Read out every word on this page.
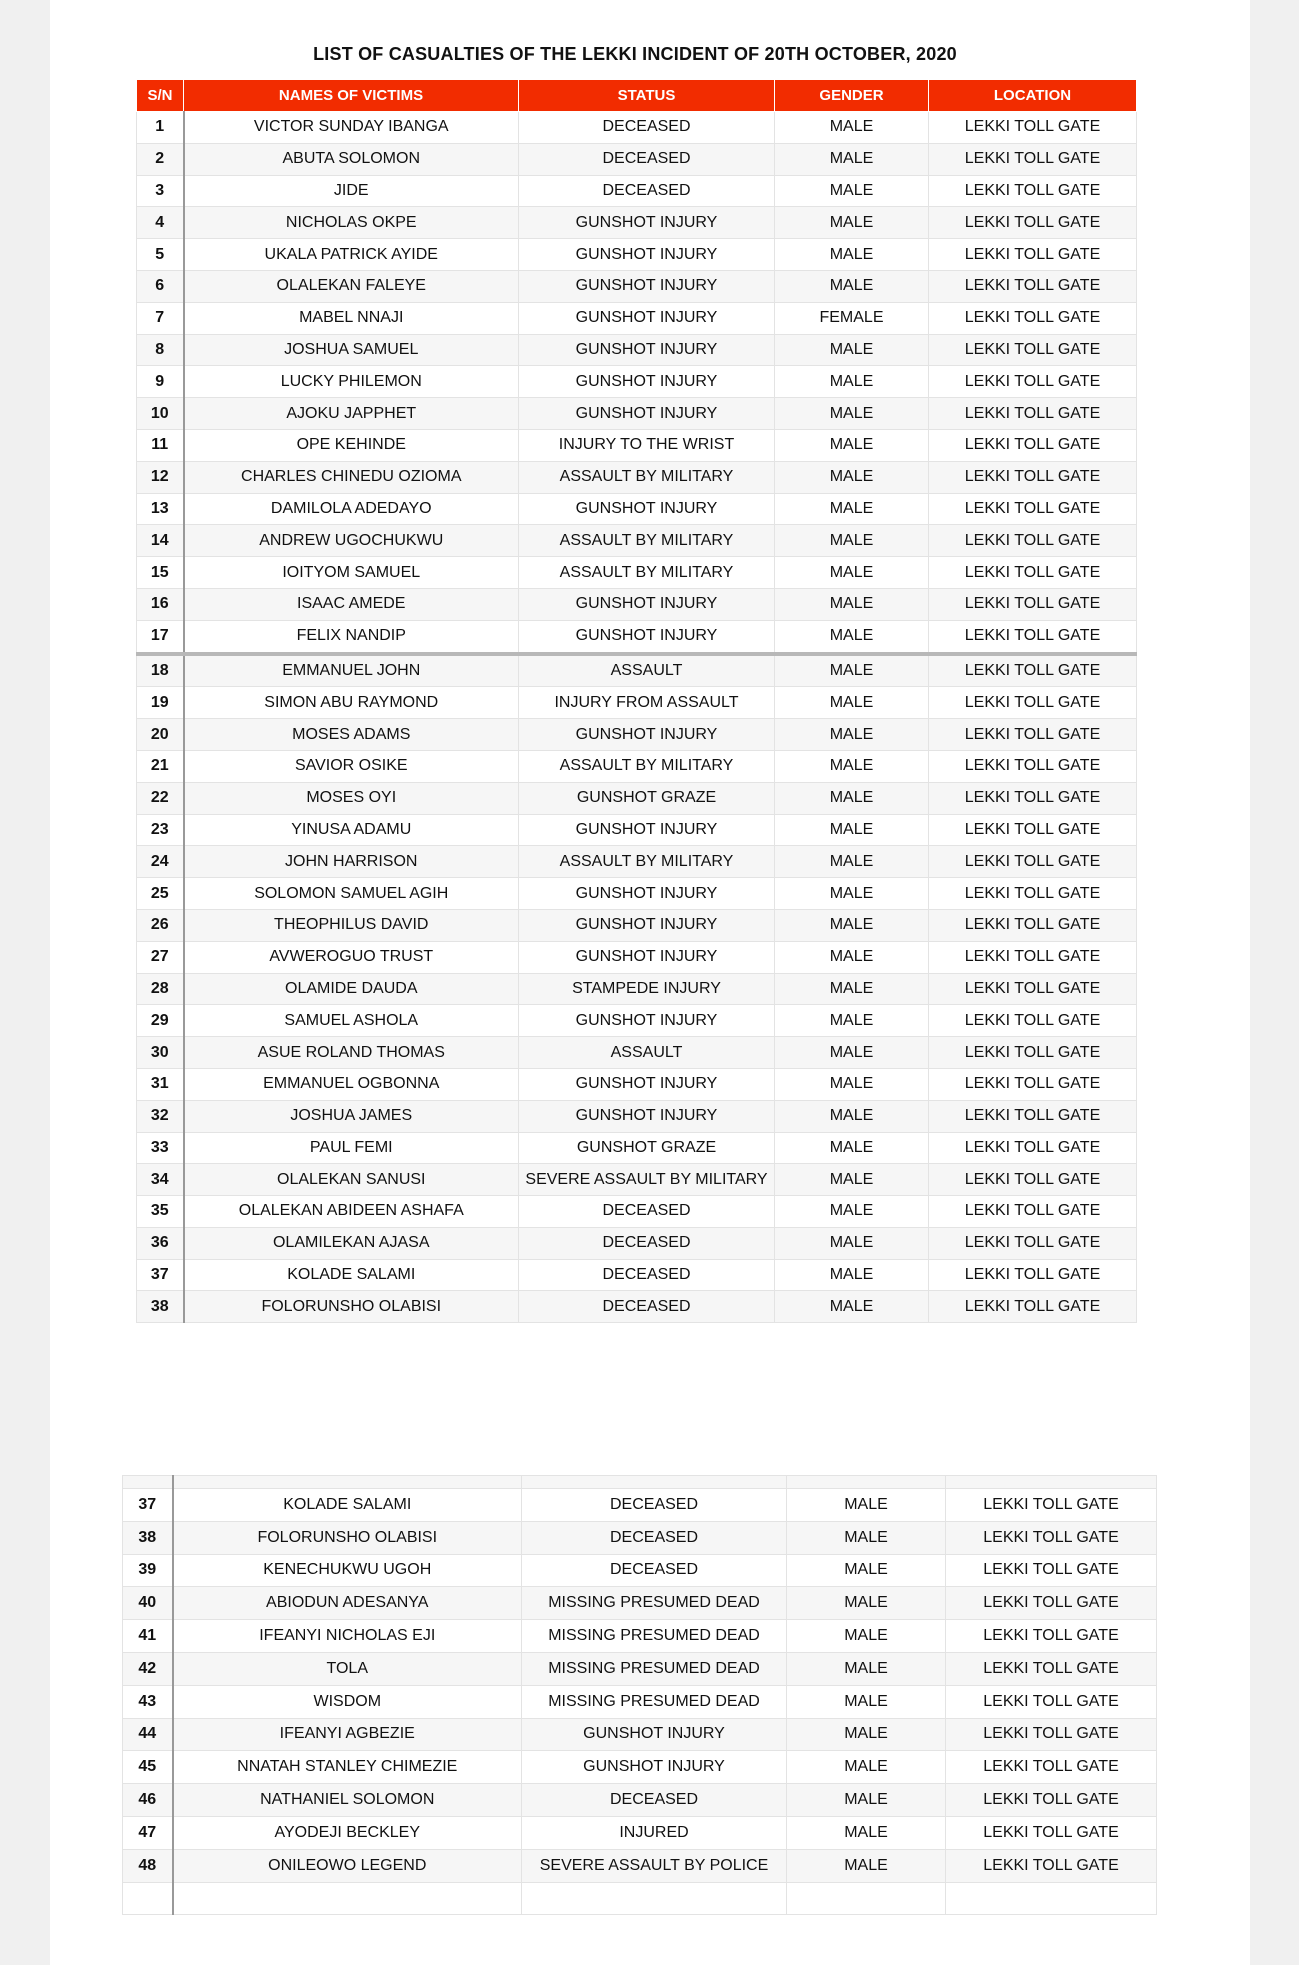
LIST OF CASUALTIES OF THE LEKKI INCIDENT OF 20TH OCTOBER, 2020
S/N	NAMES OF VICTIMS	STATUS	GENDER	LOCATION
1	VICTOR SUNDAY IBANGA	DECEASED	MALE	LEKKI TOLL GATE
2	ABUTA SOLOMON	DECEASED	MALE	LEKKI TOLL GATE
3	JIDE	DECEASED	MALE	LEKKI TOLL GATE
4	NICHOLAS OKPE	GUNSHOT INJURY	MALE	LEKKI TOLL GATE
5	UKALA PATRICK AYIDE	GUNSHOT INJURY	MALE	LEKKI TOLL GATE
6	OLALEKAN FALEYE	GUNSHOT INJURY	MALE	LEKKI TOLL GATE
7	MABEL NNAJI	GUNSHOT INJURY	FEMALE	LEKKI TOLL GATE
8	JOSHUA SAMUEL	GUNSHOT INJURY	MALE	LEKKI TOLL GATE
9	LUCKY PHILEMON	GUNSHOT INJURY	MALE	LEKKI TOLL GATE
10	AJOKU JAPPHET	GUNSHOT INJURY	MALE	LEKKI TOLL GATE
11	OPE KEHINDE	INJURY TO THE WRIST	MALE	LEKKI TOLL GATE
12	CHARLES CHINEDU OZIOMA	ASSAULT BY MILITARY	MALE	LEKKI TOLL GATE
13	DAMILOLA ADEDAYO	GUNSHOT INJURY	MALE	LEKKI TOLL GATE
14	ANDREW UGOCHUKWU	ASSAULT BY MILITARY	MALE	LEKKI TOLL GATE
15	IOITYOM SAMUEL	ASSAULT BY MILITARY	MALE	LEKKI TOLL GATE
16	ISAAC AMEDE	GUNSHOT INJURY	MALE	LEKKI TOLL GATE
17	FELIX NANDIP	GUNSHOT INJURY	MALE	LEKKI TOLL GATE
18	EMMANUEL JOHN	ASSAULT	MALE	LEKKI TOLL GATE
19	SIMON ABU RAYMOND	INJURY FROM ASSAULT	MALE	LEKKI TOLL GATE
20	MOSES ADAMS	GUNSHOT INJURY	MALE	LEKKI TOLL GATE
21	SAVIOR OSIKE	ASSAULT BY MILITARY	MALE	LEKKI TOLL GATE
22	MOSES OYI	GUNSHOT GRAZE	MALE	LEKKI TOLL GATE
23	YINUSA ADAMU	GUNSHOT INJURY	MALE	LEKKI TOLL GATE
24	JOHN HARRISON	ASSAULT BY MILITARY	MALE	LEKKI TOLL GATE
25	SOLOMON SAMUEL AGIH	GUNSHOT INJURY	MALE	LEKKI TOLL GATE
26	THEOPHILUS DAVID	GUNSHOT INJURY	MALE	LEKKI TOLL GATE
27	AVWEROGUO TRUST	GUNSHOT INJURY	MALE	LEKKI TOLL GATE
28	OLAMIDE DAUDA	STAMPEDE INJURY	MALE	LEKKI TOLL GATE
29	SAMUEL ASHOLA	GUNSHOT INJURY	MALE	LEKKI TOLL GATE
30	ASUE ROLAND THOMAS	ASSAULT	MALE	LEKKI TOLL GATE
31	EMMANUEL OGBONNA	GUNSHOT INJURY	MALE	LEKKI TOLL GATE
32	JOSHUA JAMES	GUNSHOT INJURY	MALE	LEKKI TOLL GATE
33	PAUL FEMI	GUNSHOT GRAZE	MALE	LEKKI TOLL GATE
34	OLALEKAN SANUSI	SEVERE ASSAULT BY MILITARY	MALE	LEKKI TOLL GATE
35	OLALEKAN ABIDEEN ASHAFA	DECEASED	MALE	LEKKI TOLL GATE
36	OLAMILEKAN AJASA	DECEASED	MALE	LEKKI TOLL GATE
37	KOLADE SALAMI	DECEASED	MALE	LEKKI TOLL GATE
38	FOLORUNSHO OLABISI	DECEASED	MALE	LEKKI TOLL GATE

37	KOLADE SALAMI	DECEASED	MALE	LEKKI TOLL GATE
38	FOLORUNSHO OLABISI	DECEASED	MALE	LEKKI TOLL GATE
39	KENECHUKWU UGOH	DECEASED	MALE	LEKKI TOLL GATE
40	ABIODUN ADESANYA	MISSING PRESUMED DEAD	MALE	LEKKI TOLL GATE
41	IFEANYI NICHOLAS EJI	MISSING PRESUMED DEAD	MALE	LEKKI TOLL GATE
42	TOLA	MISSING PRESUMED DEAD	MALE	LEKKI TOLL GATE
43	WISDOM	MISSING PRESUMED DEAD	MALE	LEKKI TOLL GATE
44	IFEANYI AGBEZIE	GUNSHOT INJURY	MALE	LEKKI TOLL GATE
45	NNATAH STANLEY CHIMEZIE	GUNSHOT INJURY	MALE	LEKKI TOLL GATE
46	NATHANIEL SOLOMON	DECEASED	MALE	LEKKI TOLL GATE
47	AYODEJI BECKLEY	INJURED	MALE	LEKKI TOLL GATE
48	ONILEOWO LEGEND	SEVERE ASSAULT BY POLICE	MALE	LEKKI TOLL GATE
